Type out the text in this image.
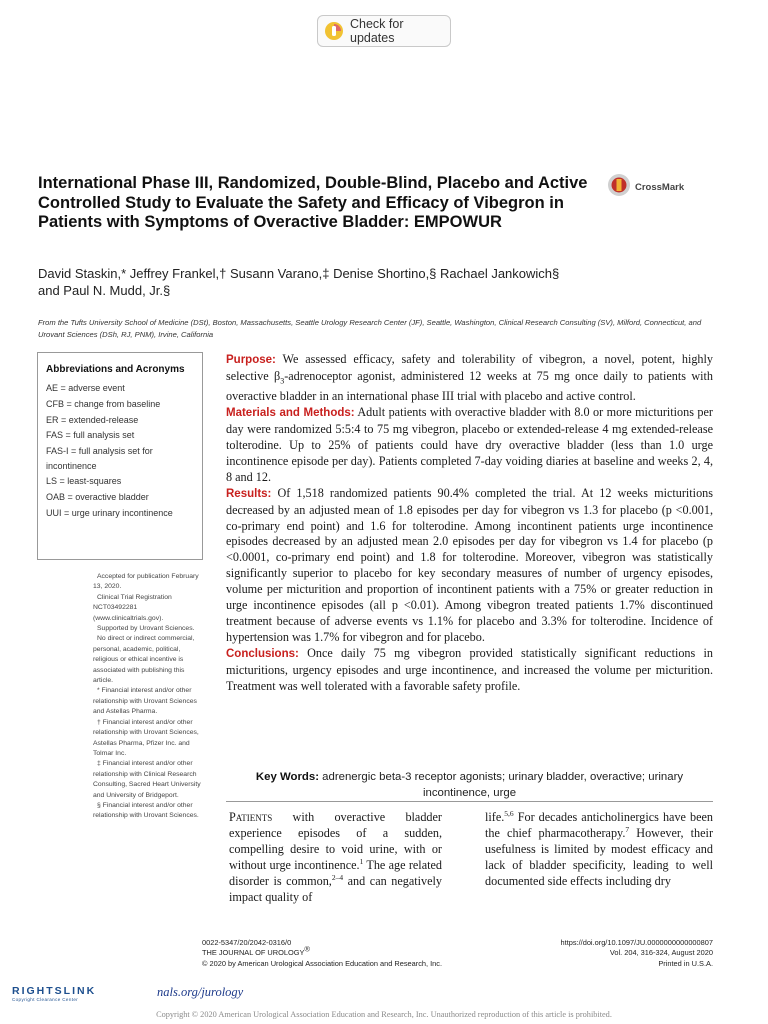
Check for updates
International Phase III, Randomized, Double-Blind, Placebo and Active Controlled Study to Evaluate the Safety and Efficacy of Vibegron in Patients with Symptoms of Overactive Bladder: EMPOWUR
CrossMark
David Staskin,* Jeffrey Frankel,† Susann Varano,‡ Denise Shortino,§ Rachael Jankowich§
and Paul N. Mudd, Jr.§
From the Tufts University School of Medicine (DSt), Boston, Massachusetts, Seattle Urology Research Center (JF), Seattle, Washington, Clinical Research Consulting (SV), Milford, Connecticut, and Urovant Sciences (DSh, RJ, PNM), Irvine, California
Abbreviations and Acronyms
AE = adverse event
CFB = change from baseline
ER = extended-release
FAS = full analysis set
FAS-I = full analysis set for incontinence
LS = least-squares
OAB = overactive bladder
UUI = urge urinary incontinence

Accepted for publication February 13, 2020.

Clinical Trial Registration NCT03492281 (www.clinicaltrials.gov).

Supported by Urovant Sciences.

No direct or indirect commercial, personal, academic, political, religious or ethical incentive is associated with publishing this article.

* Financial interest and/or other relationship with Urovant Sciences and Astellas Pharma.

† Financial interest and/or other relationship with Urovant Sciences, Astellas Pharma, Pfizer Inc. and Tolmar Inc.

‡ Financial interest and/or other relationship with Clinical Research Consulting, Sacred Heart University and University of Bridgeport.

§ Financial interest and/or other relationship with Urovant Sciences.

Purpose: We assessed efficacy, safety and tolerability of vibegron, a novel, potent, highly selective $\beta_3$-adrenoceptor agonist, administered 12 weeks at 75 mg once daily to patients with overactive bladder in an international phase III trial with placebo and active control.

Materials and Methods: Adult patients with overactive bladder with 8.0 or more micturitions per day were randomized 5:5:4 to 75 mg vibegron, placebo or extended-release 4 mg extended-release tolterodine. Up to 25% of patients could have dry overactive bladder (less than 1.0 urge incontinence episode per day). Patients completed 7-day voiding diaries at baseline and weeks 2, 4, 8 and 12.

Results: Of 1,518 randomized patients 90.4% completed the trial. At 12 weeks micturitions decreased by an adjusted mean of 1.8 episodes per day for vibegron vs 1.3 for placebo (p <0.001, co-primary end point) and 1.6 for tolterodine. Among incontinent patients urge incontinence episodes decreased by an adjusted mean 2.0 episodes per day for vibegron vs 1.4 for placebo (p <0.0001, co-primary end point) and 1.8 for tolterodine. Moreover, vibegron was statistically significantly superior to placebo for key secondary measures of number of urgency episodes, volume per micturition and proportion of incontinent patients with a 75% or greater reduction in urge incontinence episodes (all p <0.01). Among vibegron treated patients 1.7% discontinued treatment because of adverse events vs 1.1% for placebo and 3.3% for tolterodine. Incidence of hypertension was 1.7% for vibegron and for placebo.

Conclusions: Once daily 75 mg vibegron provided statistically significant reductions in micturitions, urgency episodes and urge incontinence, and increased the volume per micturition. Treatment was well tolerated with a favorable safety profile.

Key Words: adrenergic beta-3 receptor agonists; urinary bladder, overactive; urinary incontinence, urge
Patients with overactive bladder experience episodes of a sudden, compelling desire to void urine, with or without urge incontinence.$^1$ The age related disorder is common,$^{2-4}$ and can negatively impact quality of
life.$^{5,6}$ For decades anticholinergics have been the chief pharmacotherapy.$^7$ However, their usefulness is limited by modest efficacy and lack of bladder specificity, leading to well documented side effects including dry
0022-5347/20/2042-0316/0
THE JOURNAL OF UROLOGY®
© 2020 by American Urological Association Education and Research, Inc.
https://doi.org/10.1097/JU.0000000000000807
Vol. 204, 316-324, August 2020
Printed in U.S.A.
RIGHTSLINK
Copyright Clearance Center
nals.org/jurology
Copyright © 2020 American Urological Association Education and Research, Inc. Unauthorized reproduction of this article is prohibited.
